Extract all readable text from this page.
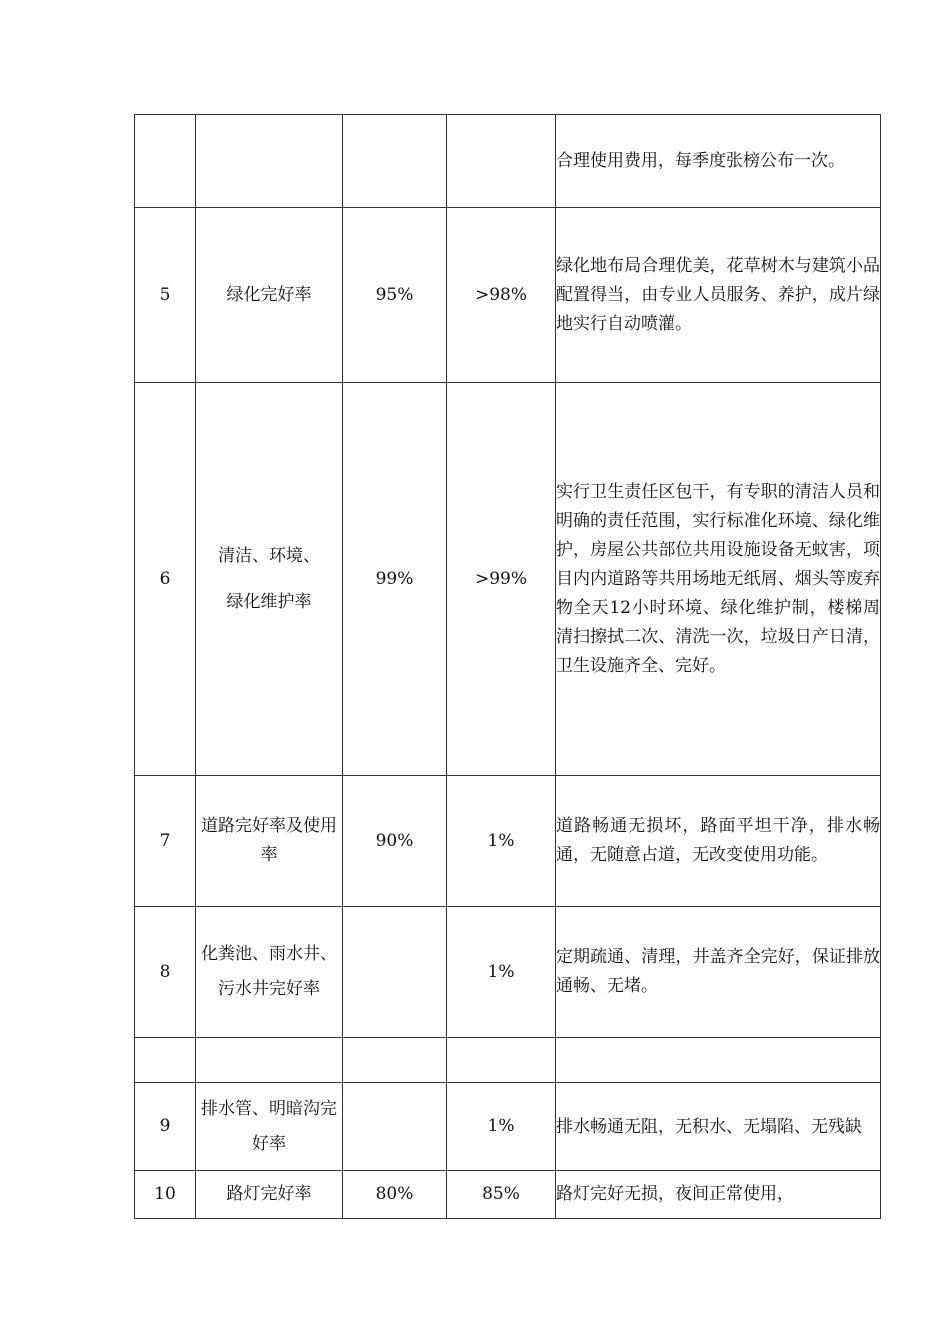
				合理使用费用，每季度张榜公布一次。
5	绿化完好率	95%	>98%	绿化地布局合理优美，花草树木与建筑小品配置得当，由专业人员服务、养护，成片绿地实行自动喷灌。
6	清洁、环境、绿化维护率	99%	>99%	实行卫生责任区包干，有专职的清洁人员和明确的责任范围，实行标准化环境、绿化维护，房屋公共部位共用设施设备无蚊害，项目内内道路等共用场地无纸屑、烟头等废弃物全天12小时环境、绿化维护制，楼梯周清扫擦拭二次、清洗一次，垃圾日产日清，卫生设施齐全、完好。
7	道路完好率及使用率	90%	1%	道路畅通无损坏，路面平坦干净，排水畅通，无随意占道，无改变使用功能。
8	化粪池、雨水井、污水井完好率		1%	定期疏通、清理，井盖齐全完好，保证排放通畅、无堵。

9	排水管、明暗沟完好率		1%	排水畅通无阻，无积水、无塌陷、无残缺
10	路灯完好率	80%	85%	路灯完好无损，夜间正常使用，
